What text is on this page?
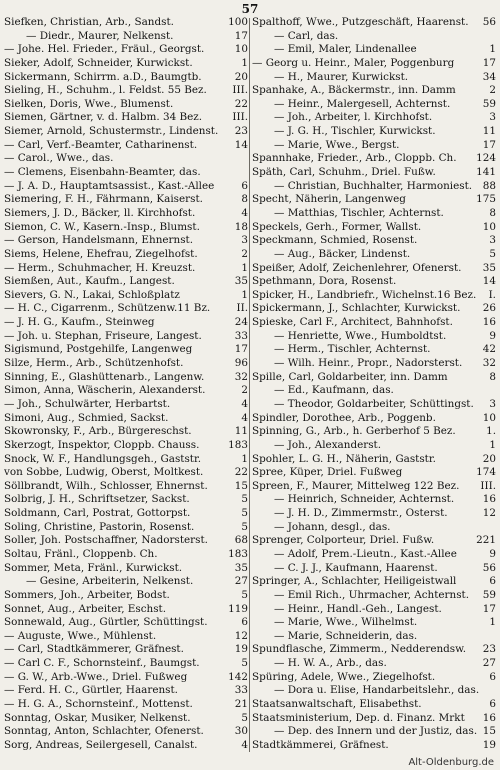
57
Siefken, Christian, Arb., Sandst.	100
— Diedr., Maurer, Nelkenst.	17
— Johe. Hel. Frieder., Fräul., Georgst.	10
Sieker, Adolf, Schneider, Kurwickst.	1
Sickermann, Schirrm. a.D., Baumgtb.	20
Sieling, H., Schuhm., l. Feldst. 55 Bez.	III.
Sielken, Doris, Wwe., Blumenst.	22
Siemen, Gärtner, v. d. Halbm. 34 Bez.	III.
Siemer, Arnold, Schustermstr., Lindenst.	23
— Carl, Verf.-Beamter, Catharinenst.	14
— Carol., Wwe., das.
— Clemens, Eisenbahn-Beamter, das.
— J. A. D., Hauptamtsassist., Kast.-Allee	6
Siemering, F. H., Fährmann, Kaiserst.	8
Siemers, J. D., Bäcker, ll. Kirchhofst.	4
Siemon, C. W., Kasern.-Insp., Blumst.	18
— Gerson, Handelsmann, Ehnernst.	3
Siems, Helene, Ehefrau, Ziegelhofst.	2
— Herm., Schuhmacher, H. Kreuzst.	1
Siemßen, Aut., Kaufm., Langest.	35
Sievers, G. N., Lakai, Schloßplatz	1
— H. C., Cigarrenm., Schützenw.11 Bz.	II.
— J. H. G., Kaufm., Steinweg	24
— Joh. u. Stephan, Friseure, Langest.	33
Sigismund, Postgehilfe, Langenweg	17
Silze, Herm., Arb., Schützenhofst.	96
Sinning, E., Glashüttenarb., Langenw.	32
Simon, Anna, Wäscherin, Alexanderst.	2
— Joh., Schulwärter, Herbartst.	4
Simoni, Aug., Schmied, Sackst.	4
Skowronsky, F., Arb., Bürgereschst.	11
Skerzogt, Inspektor, Cloppb. Chauss.	183
Snock, W. F., Handlungsgeh., Gaststr.	1
von Sobbe, Ludwig, Oberst, Moltkest.	22
Söllbrandt, Wilh., Schlosser, Ehnernst.	15
Solbrig, J. H., Schriftsetzer, Sackst.	5
Soldmann, Carl, Postrat, Gottorpst.	5
Soling, Christine, Pastorin, Rosenst.	5
Soller, Joh. Postschaffner, Nadorsterst.	68
Soltau, Fränl., Cloppenb. Ch.	183
Sommer, Meta, Fränl., Kurwickst.	35
— Gesine, Arbeiterin, Nelkenst.	27
Sommers, Joh., Arbeiter, Bodst.	5
Sonnet, Aug., Arbeiter, Eschst.	119
Sonnewald, Aug., Gürtler, Schüttingst.	6
— Auguste, Wwe., Mühlenst.	12
— Carl, Stadtkämmerer, Gräfnest.	19
— Carl C. F., Schornsteinf., Baumgst.	5
— G. W., Arb.-Wwe., Driel. Fußweg	142
— Ferd. H. C., Gürtler, Haarenst.	33
— H. G. A., Schornsteinf., Mottenst.	21
Sonntag, Oskar, Musiker, Nelkenst.	5
Sonntag, Anton, Schlachter, Ofenerst.	30
Sorg, Andreas, Seilergesell, Canalst.	4
Spalthoff, Wwe., Putzgeschäft, Haarenst.	56
— Carl, das.
— Emil, Maler, Lindenallee	1
— Georg u. Heinr., Maler, Poggenburg	17
— H., Maurer, Kurwickst.	34
Spanhake, A., Bäckermstr., inn. Damm	2
— Heinr., Malergesell, Achternst.	59
— Joh., Arbeiter, l. Kirchhofst.	3
— J. G. H., Tischler, Kurwickst.	11
— Marie, Wwe., Bergst.	17
Spannhake, Frieder., Arb., Cloppb. Ch.	124
Späth, Carl, Schuhm., Driel. Fußw.	141
— Christian, Buchhalter, Harmoniest.	88
Specht, Näherin, Langenweg	175
— Matthias, Tischler, Achternst.	8
Speckels, Gerh., Former, Wallst.	10
Speckmann, Schmied, Rosenst.	3
— Aug., Bäcker, Lindenst.	5
Speißer, Adolf, Zeichenlehrer, Ofenerst.	35
Spethmann, Dora, Rosenst.	14
Spicker, H., Landbriefr., Wichelnst.16 Bez.	I.
Spickermann, J., Schlachter, Kurwickst.	26
Spieske, Carl F., Architect, Bahnhofst.	16
— Henriette, Wwe., Humboldtst.	9
— Herm., Tischler, Achternst.	42
— Wilh. Heinr., Propr., Nadorsterst.	32
Spille, Carl, Goldarbeiter, inn. Damm	8
— Ed., Kaufmann, das.
— Theodor, Goldarbeiter, Schüttingst.	3
Spindler, Dorothee, Arb., Poggenb.	10
Spinning, G., Arb., h. Gerberhof 5 Bez.	1.
— Joh., Alexanderst.	1
Spohler, L. G. H., Näherin, Gaststr.	20
Spree, Küper, Driel. Fußweg	174
Spreen, F., Maurer, Mittelweg 122 Bez.	III.
— Heinrich, Schneider, Achternst.	16
— J. H. D., Zimmermstr., Osterst.	12
— Johann, desgl., das.
Sprenger, Colporteur, Driel. Fußw.	221
— Adolf, Prem.-Lieutn., Kast.-Allee	9
— C. J. J., Kaufmann, Haarenst.	56
Springer, A., Schlachter, Heiligeistwall	6
— Emil Rich., Uhrmacher, Achternst.	59
— Heinr., Handl.-Geh., Langest.	17
— Marie, Wwe., Wilhelmst.	1
— Marie, Schneiderin, das.
Spundflasche, Zimmerm., Nedderendsw.	23
— H. W. A., Arb., das.	27
Spüring, Adele, Wwe., Ziegelhofst.	6
— Dora u. Elise, Handarbeitslehr., das.
Staatsanwaltschaft, Elisabethst.	6
Staatsministerium, Dep. d. Finanz. Mrkt	16
— Dep. des Innern und der Justiz, das. 15
Stadtkämmerei, Gräfnest.	19
Alt-Oldenburg.de
